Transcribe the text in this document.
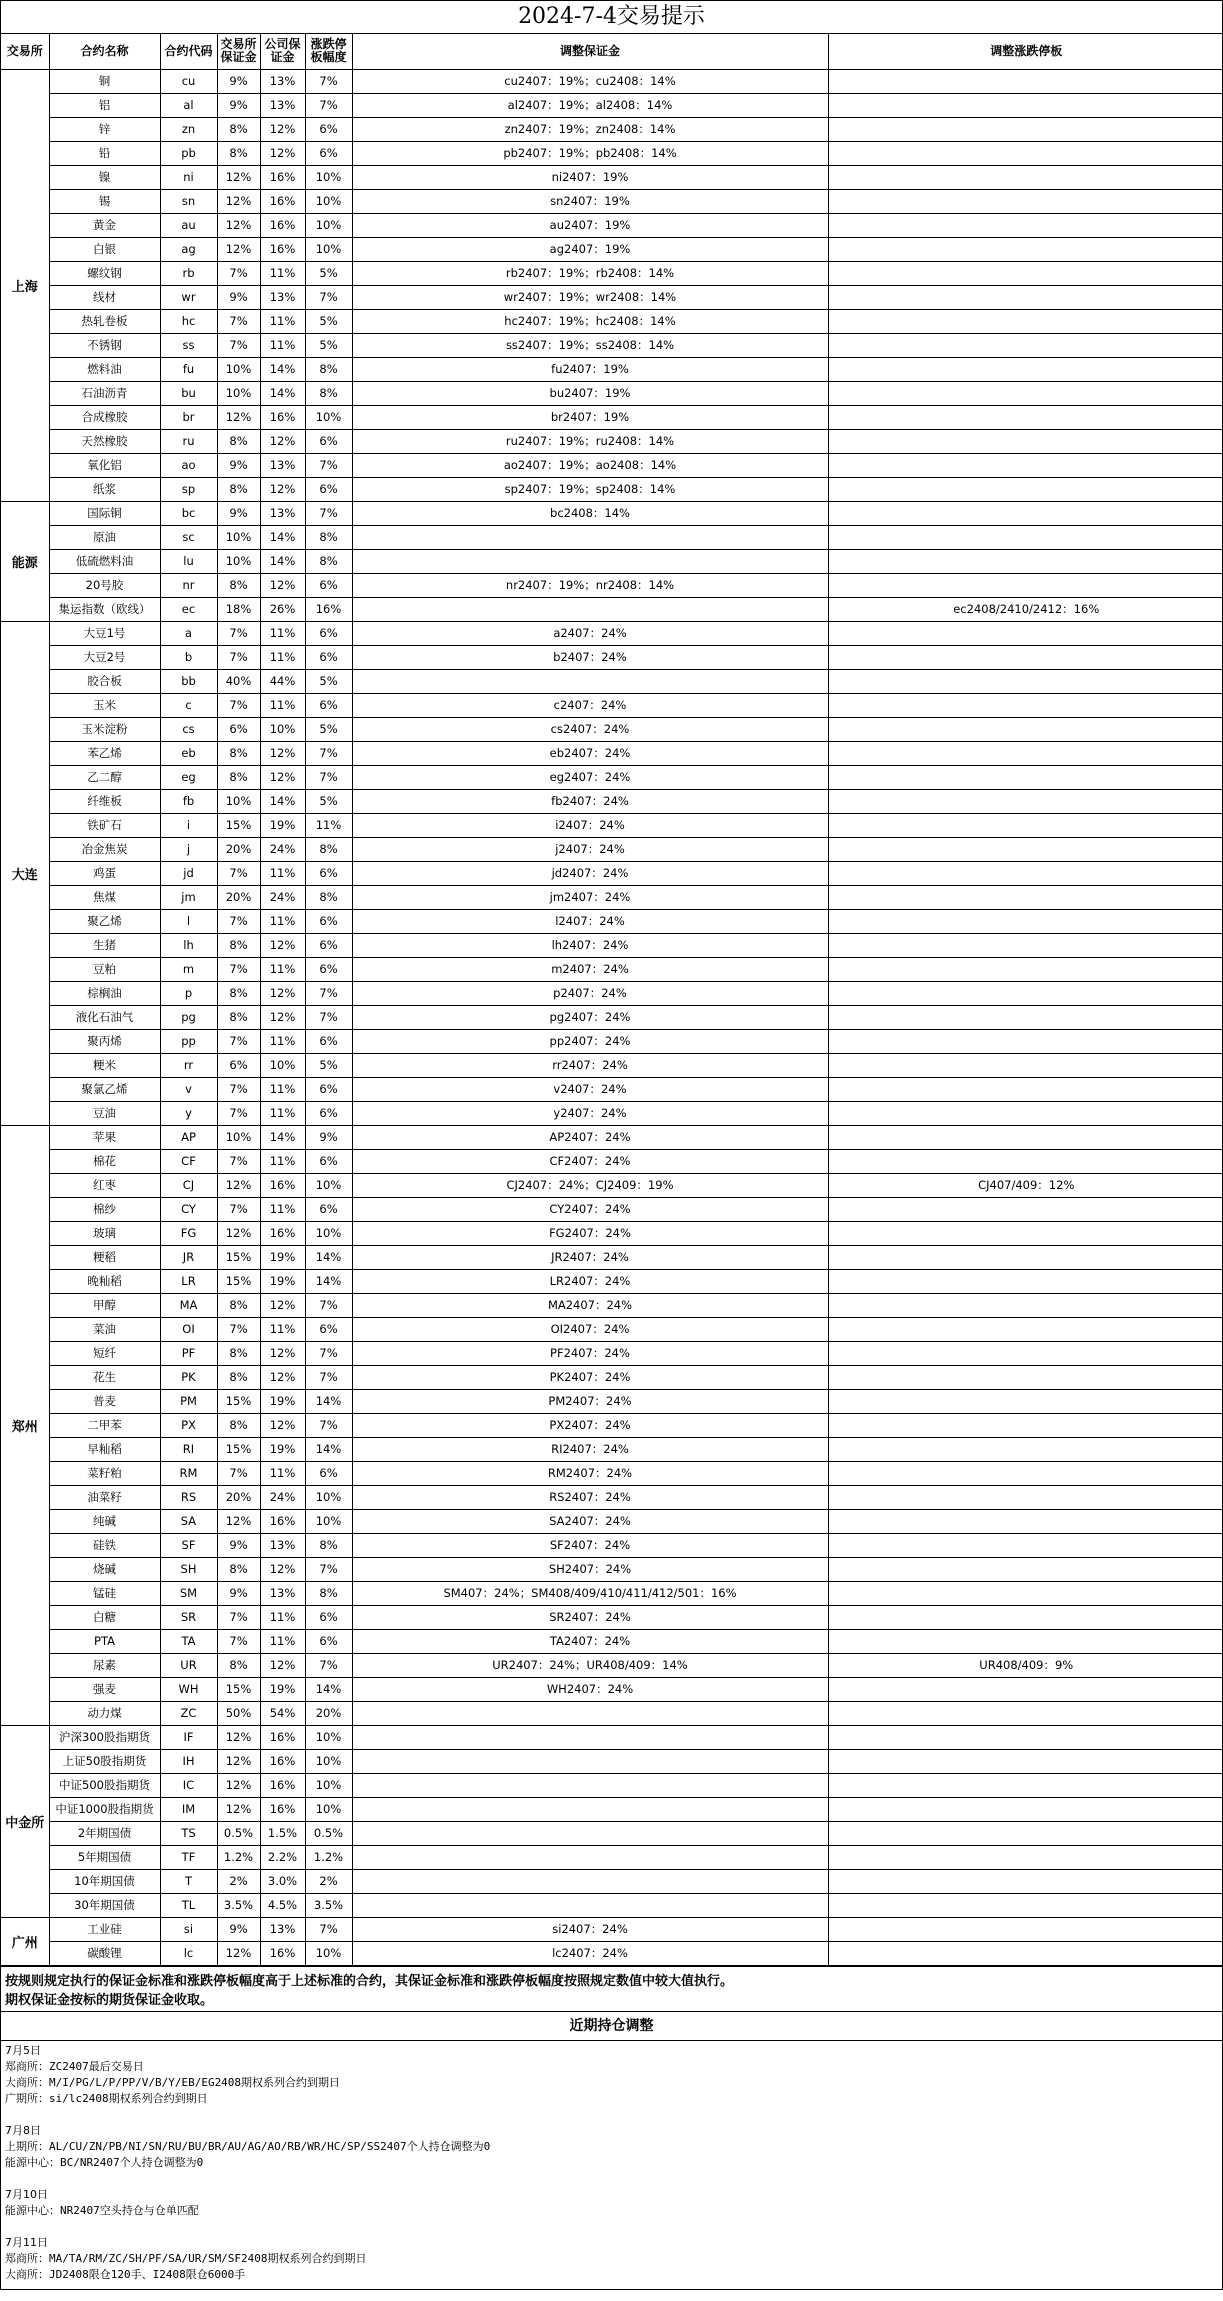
2024-7-4交易提示
交易所	合约名称	合约代码	交易所保证金	公司保证金	涨跌停板幅度	调整保证金	调整涨跌停板
上海	铜	cu	9%	13%	7%	cu2407：19%；cu2408：14%	
	铝	al	9%	13%	7%	al2407：19%；al2408：14%	
	锌	zn	8%	12%	6%	zn2407：19%；zn2408：14%	
	铅	pb	8%	12%	6%	pb2407：19%；pb2408：14%	
	镍	ni	12%	16%	10%	ni2407：19%	
	锡	sn	12%	16%	10%	sn2407：19%	
	黄金	au	12%	16%	10%	au2407：19%	
	白银	ag	12%	16%	10%	ag2407：19%	
	螺纹钢	rb	7%	11%	5%	rb2407：19%；rb2408：14%	
	线材	wr	9%	13%	7%	wr2407：19%；wr2408：14%	
	热轧卷板	hc	7%	11%	5%	hc2407：19%；hc2408：14%	
	不锈钢	ss	7%	11%	5%	ss2407：19%；ss2408：14%	
	燃料油	fu	10%	14%	8%	fu2407：19%	
	石油沥青	bu	10%	14%	8%	bu2407：19%	
	合成橡胶	br	12%	16%	10%	br2407：19%	
	天然橡胶	ru	8%	12%	6%	ru2407：19%；ru2408：14%	
	氧化铝	ao	9%	13%	7%	ao2407：19%；ao2408：14%	
	纸浆	sp	8%	12%	6%	sp2407：19%；sp2408：14%	
能源	国际铜	bc	9%	13%	7%	bc2408：14%	
	原油	sc	10%	14%	8%		
	低硫燃料油	lu	10%	14%	8%		
	20号胶	nr	8%	12%	6%	nr2407：19%；nr2408：14%	
	集运指数（欧线）	ec	18%	26%	16%		ec2408/2410/2412：16%
大连	大豆1号	a	7%	11%	6%	a2407：24%	
	大豆2号	b	7%	11%	6%	b2407：24%	
	胶合板	bb	40%	44%	5%		
	玉米	c	7%	11%	6%	c2407：24%	
	玉米淀粉	cs	6%	10%	5%	cs2407：24%	
	苯乙烯	eb	8%	12%	7%	eb2407：24%	
	乙二醇	eg	8%	12%	7%	eg2407：24%	
	纤维板	fb	10%	14%	5%	fb2407：24%	
	铁矿石	i	15%	19%	11%	i2407：24%	
	冶金焦炭	j	20%	24%	8%	j2407：24%	
	鸡蛋	jd	7%	11%	6%	jd2407：24%	
	焦煤	jm	20%	24%	8%	jm2407：24%	
	聚乙烯	l	7%	11%	6%	l2407：24%	
	生猪	lh	8%	12%	6%	lh2407：24%	
	豆粕	m	7%	11%	6%	m2407：24%	
	棕榈油	p	8%	12%	7%	p2407：24%	
	液化石油气	pg	8%	12%	7%	pg2407：24%	
	聚丙烯	pp	7%	11%	6%	pp2407：24%	
	粳米	rr	6%	10%	5%	rr2407：24%	
	聚氯乙烯	v	7%	11%	6%	v2407：24%	
	豆油	y	7%	11%	6%	y2407：24%	
郑州	苹果	AP	10%	14%	9%	AP2407：24%	
	棉花	CF	7%	11%	6%	CF2407：24%	
	红枣	CJ	12%	16%	10%	CJ2407：24%；CJ2409：19%	CJ407/409：12%
	棉纱	CY	7%	11%	6%	CY2407：24%	
	玻璃	FG	12%	16%	10%	FG2407：24%	
	粳稻	JR	15%	19%	14%	JR2407：24%	
	晚籼稻	LR	15%	19%	14%	LR2407：24%	
	甲醇	MA	8%	12%	7%	MA2407：24%	
	菜油	OI	7%	11%	6%	OI2407：24%	
	短纤	PF	8%	12%	7%	PF2407：24%	
	花生	PK	8%	12%	7%	PK2407：24%	
	普麦	PM	15%	19%	14%	PM2407：24%	
	二甲苯	PX	8%	12%	7%	PX2407：24%	
	早籼稻	RI	15%	19%	14%	RI2407：24%	
	菜籽粕	RM	7%	11%	6%	RM2407：24%	
	油菜籽	RS	20%	24%	10%	RS2407：24%	
	纯碱	SA	12%	16%	10%	SA2407：24%	
	硅铁	SF	9%	13%	8%	SF2407：24%	
	烧碱	SH	8%	12%	7%	SH2407：24%	
	锰硅	SM	9%	13%	8%	SM407：24%；SM408/409/410/411/412/501：16%	
	白糖	SR	7%	11%	6%	SR2407：24%	
	PTA	TA	7%	11%	6%	TA2407：24%	
	尿素	UR	8%	12%	7%	UR2407：24%；UR408/409：14%	UR408/409：9%
	强麦	WH	15%	19%	14%	WH2407：24%	
	动力煤	ZC	50%	54%	20%		
中金所	沪深300股指期货	IF	12%	16%	10%		
	上证50股指期货	IH	12%	16%	10%		
	中证500股指期货	IC	12%	16%	10%		
	中证1000股指期货	IM	12%	16%	10%		
	2年期国债	TS	0.5%	1.5%	0.5%		
	5年期国债	TF	1.2%	2.2%	1.2%		
	10年期国债	T	2%	3.0%	2%		
	30年期国债	TL	3.5%	4.5%	3.5%		
广州	工业硅	si	9%	13%	7%	si2407：24%	
	碳酸锂	lc	12%	16%	10%	lc2407：24%	
按规则规定执行的保证金标准和涨跌停板幅度高于上述标准的合约，其保证金标准和涨跌停板幅度按照规定数值中较大值执行。
期权保证金按标的期货保证金收取。
近期持仓调整
7月5日
郑商所：ZC2407最后交易日
大商所：M/I/PG/L/P/PP/V/B/Y/EB/EG2408期权系列合约到期日
广期所：si/lc2408期权系列合约到期日
7月8日
上期所：AL/CU/ZN/PB/NI/SN/RU/BU/BR/AU/AG/AO/RB/WR/HC/SP/SS2407个人持仓调整为0
能源中心：BC/NR2407个人持仓调整为0
7月10日
能源中心：NR2407空头持仓与仓单匹配
7月11日
郑商所：MA/TA/RM/ZC/SH/PF/SA/UR/SM/SF2408期权系列合约到期日
大商所：JD2408限仓120手、I2408限仓6000手
